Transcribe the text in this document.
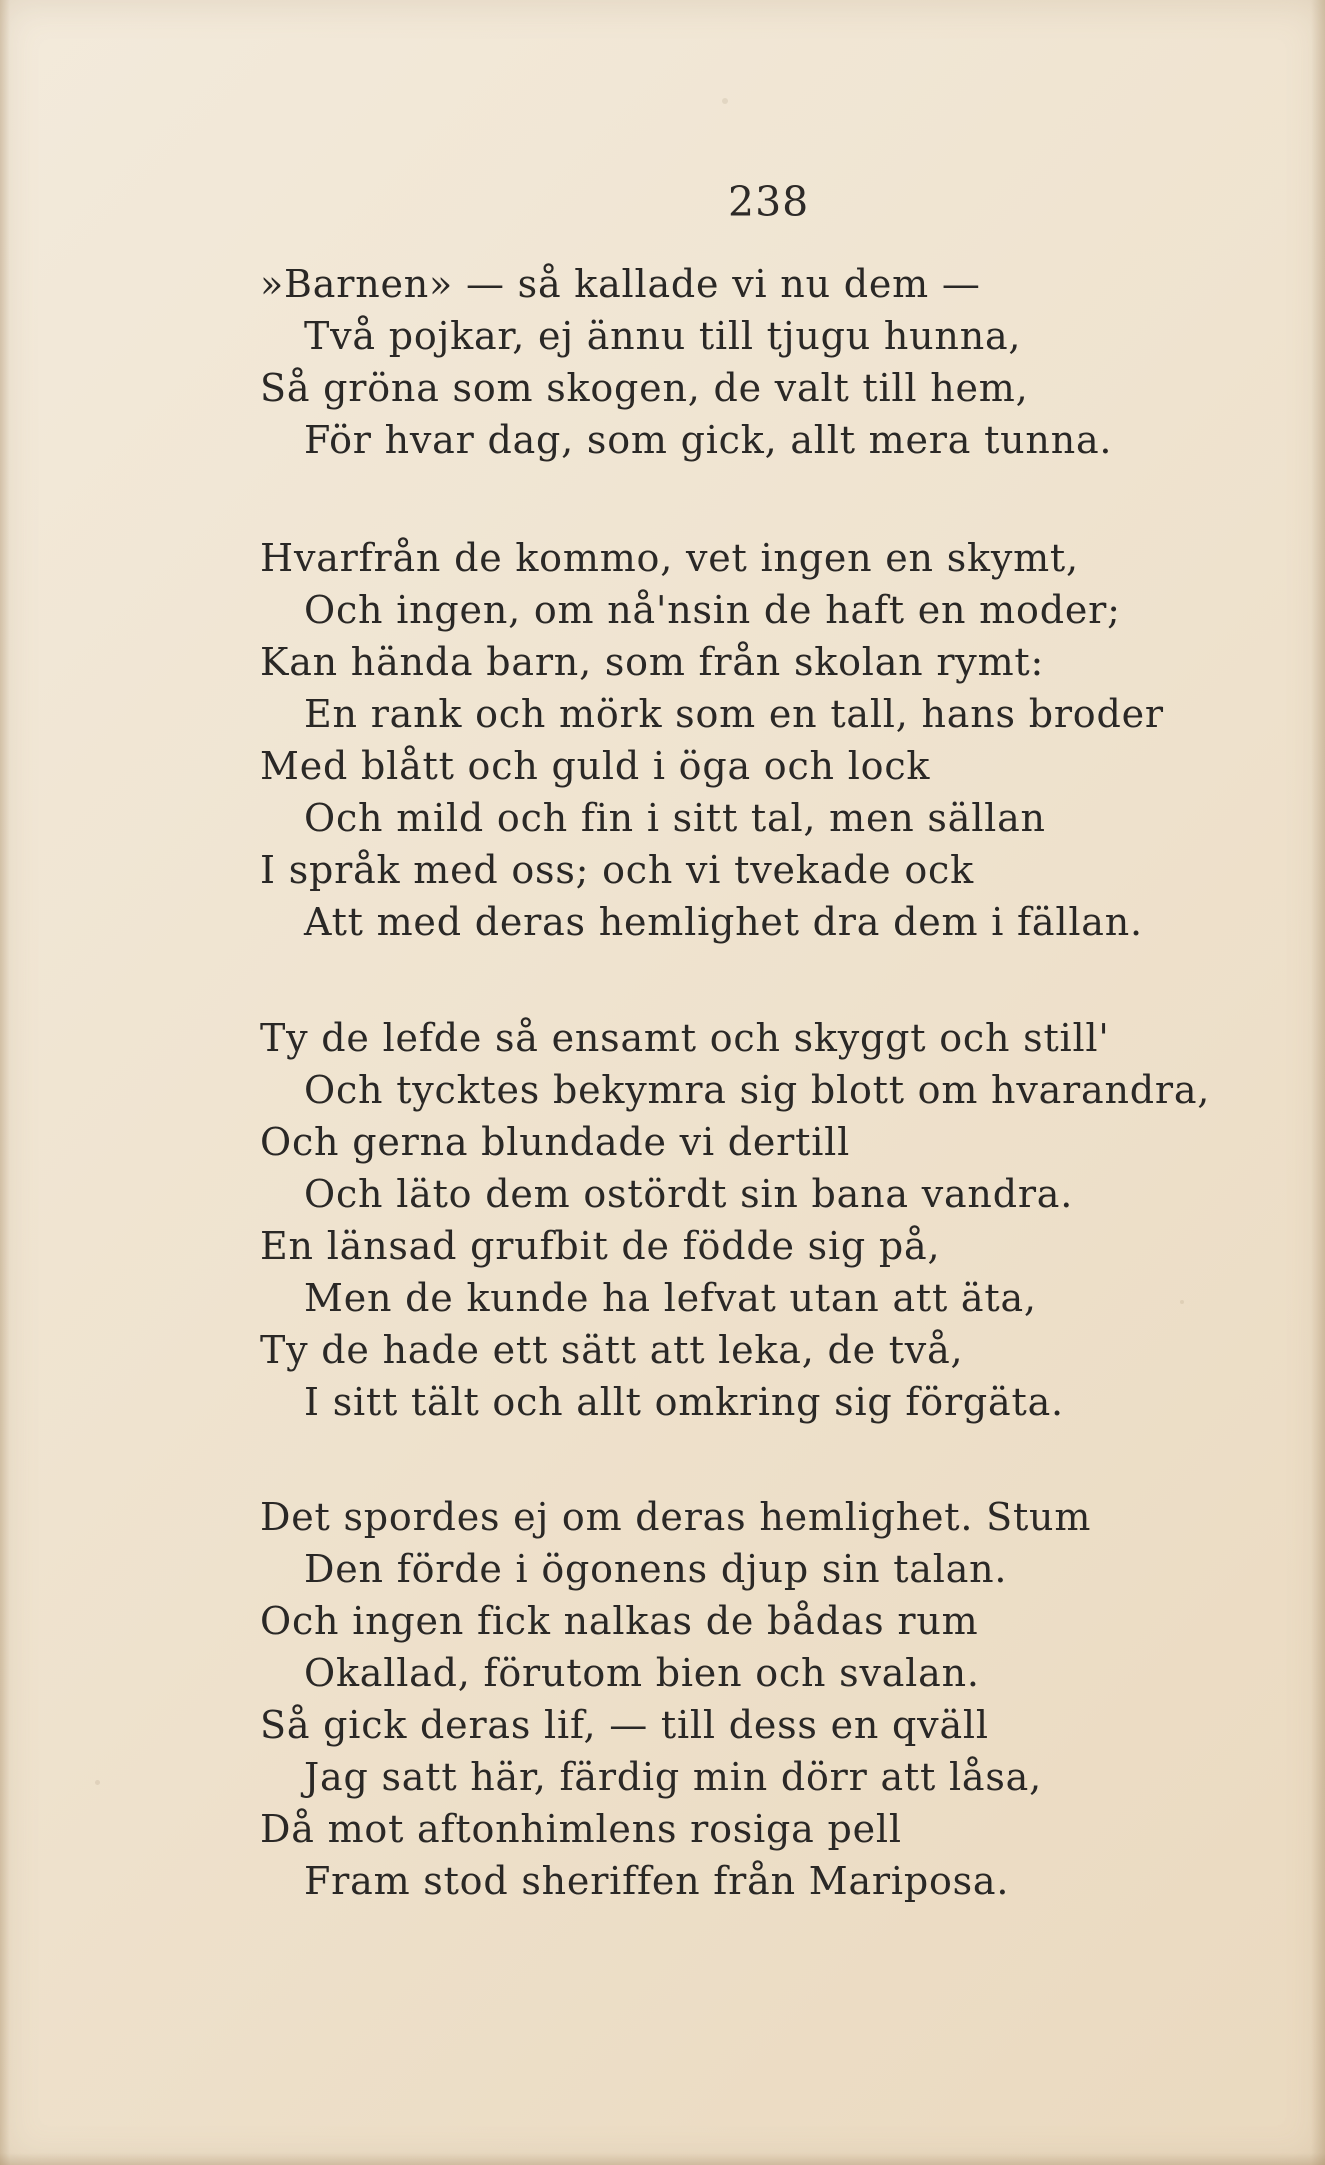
238
»Barnen» — så kallade vi nu dem —
Två pojkar, ej ännu till tjugu hunna,
Så gröna som skogen, de valt till hem,
För hvar dag, som gick, allt mera tunna.
Hvarfrån de kommo, vet ingen en skymt,
Och ingen, om nå'nsin de haft en moder;
Kan hända barn, som från skolan rymt:
En rank och mörk som en tall, hans broder
Med blått och guld i öga och lock
Och mild och fin i sitt tal, men sällan
I språk med oss; och vi tvekade ock
Att med deras hemlighet dra dem i fällan.
Ty de lefde så ensamt och skyggt och still'
Och tycktes bekymra sig blott om hvarandra,
Och gerna blundade vi dertill
Och läto dem ostördt sin bana vandra.
En länsad grufbit de födde sig på,
Men de kunde ha lefvat utan att äta,
Ty de hade ett sätt att leka, de två,
I sitt tält och allt omkring sig förgäta.
Det spordes ej om deras hemlighet. Stum
Den förde i ögonens djup sin talan.
Och ingen fick nalkas de bådas rum
Okallad, förutom bien och svalan.
Så gick deras lif, — till dess en qväll
Jag satt här, färdig min dörr att låsa,
Då mot aftonhimlens rosiga pell
Fram stod sheriffen från Mariposa.
